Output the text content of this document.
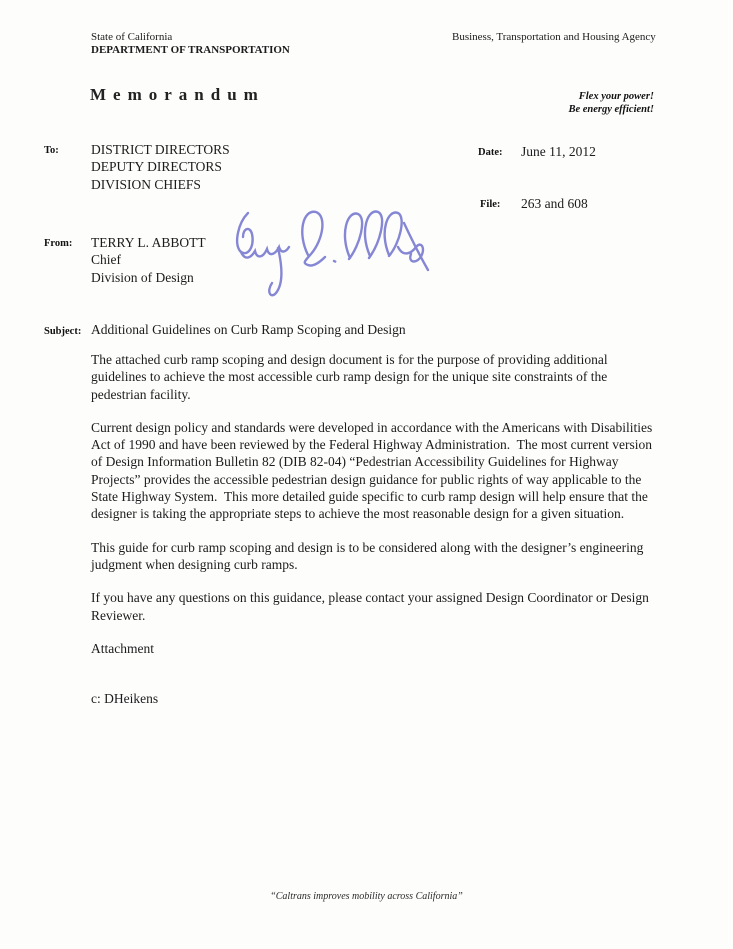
State of California
DEPARTMENT OF TRANSPORTATION
Business, Transportation and Housing Agency
Memorandum	Flex your power!
Be energy efficient!
To: DISTRICT DIRECTORS
DEPUTY DIRECTORS
DIVISION CHIEFS
Date: June 11, 2012
File: 263 and 608
From: TERRY L. ABBOTT
Chief
Division of Design
Subject: Additional Guidelines on Curb Ramp Scoping and Design

The attached curb ramp scoping and design document is for the purpose of providing additional guidelines to achieve the most accessible curb ramp design for the unique site constraints of the pedestrian facility.

Current design policy and standards were developed in accordance with the Americans with Disabilities Act of 1990 and have been reviewed by the Federal Highway Administration.  The most current version of Design Information Bulletin 82 (DIB 82-04) “Pedestrian Accessibility Guidelines for Highway Projects” provides the accessible pedestrian design guidance for public rights of way applicable to the State Highway System.  This more detailed guide specific to curb ramp design will help ensure that the designer is taking the appropriate steps to achieve the most reasonable design for a given situation.

This guide for curb ramp scoping and design is to be considered along with the designer’s engineering judgment when designing curb ramps.

If you have any questions on this guidance, please contact your assigned Design Coordinator or Design Reviewer.

Attachment

c: DHeikens

“Caltrans improves mobility across California”
